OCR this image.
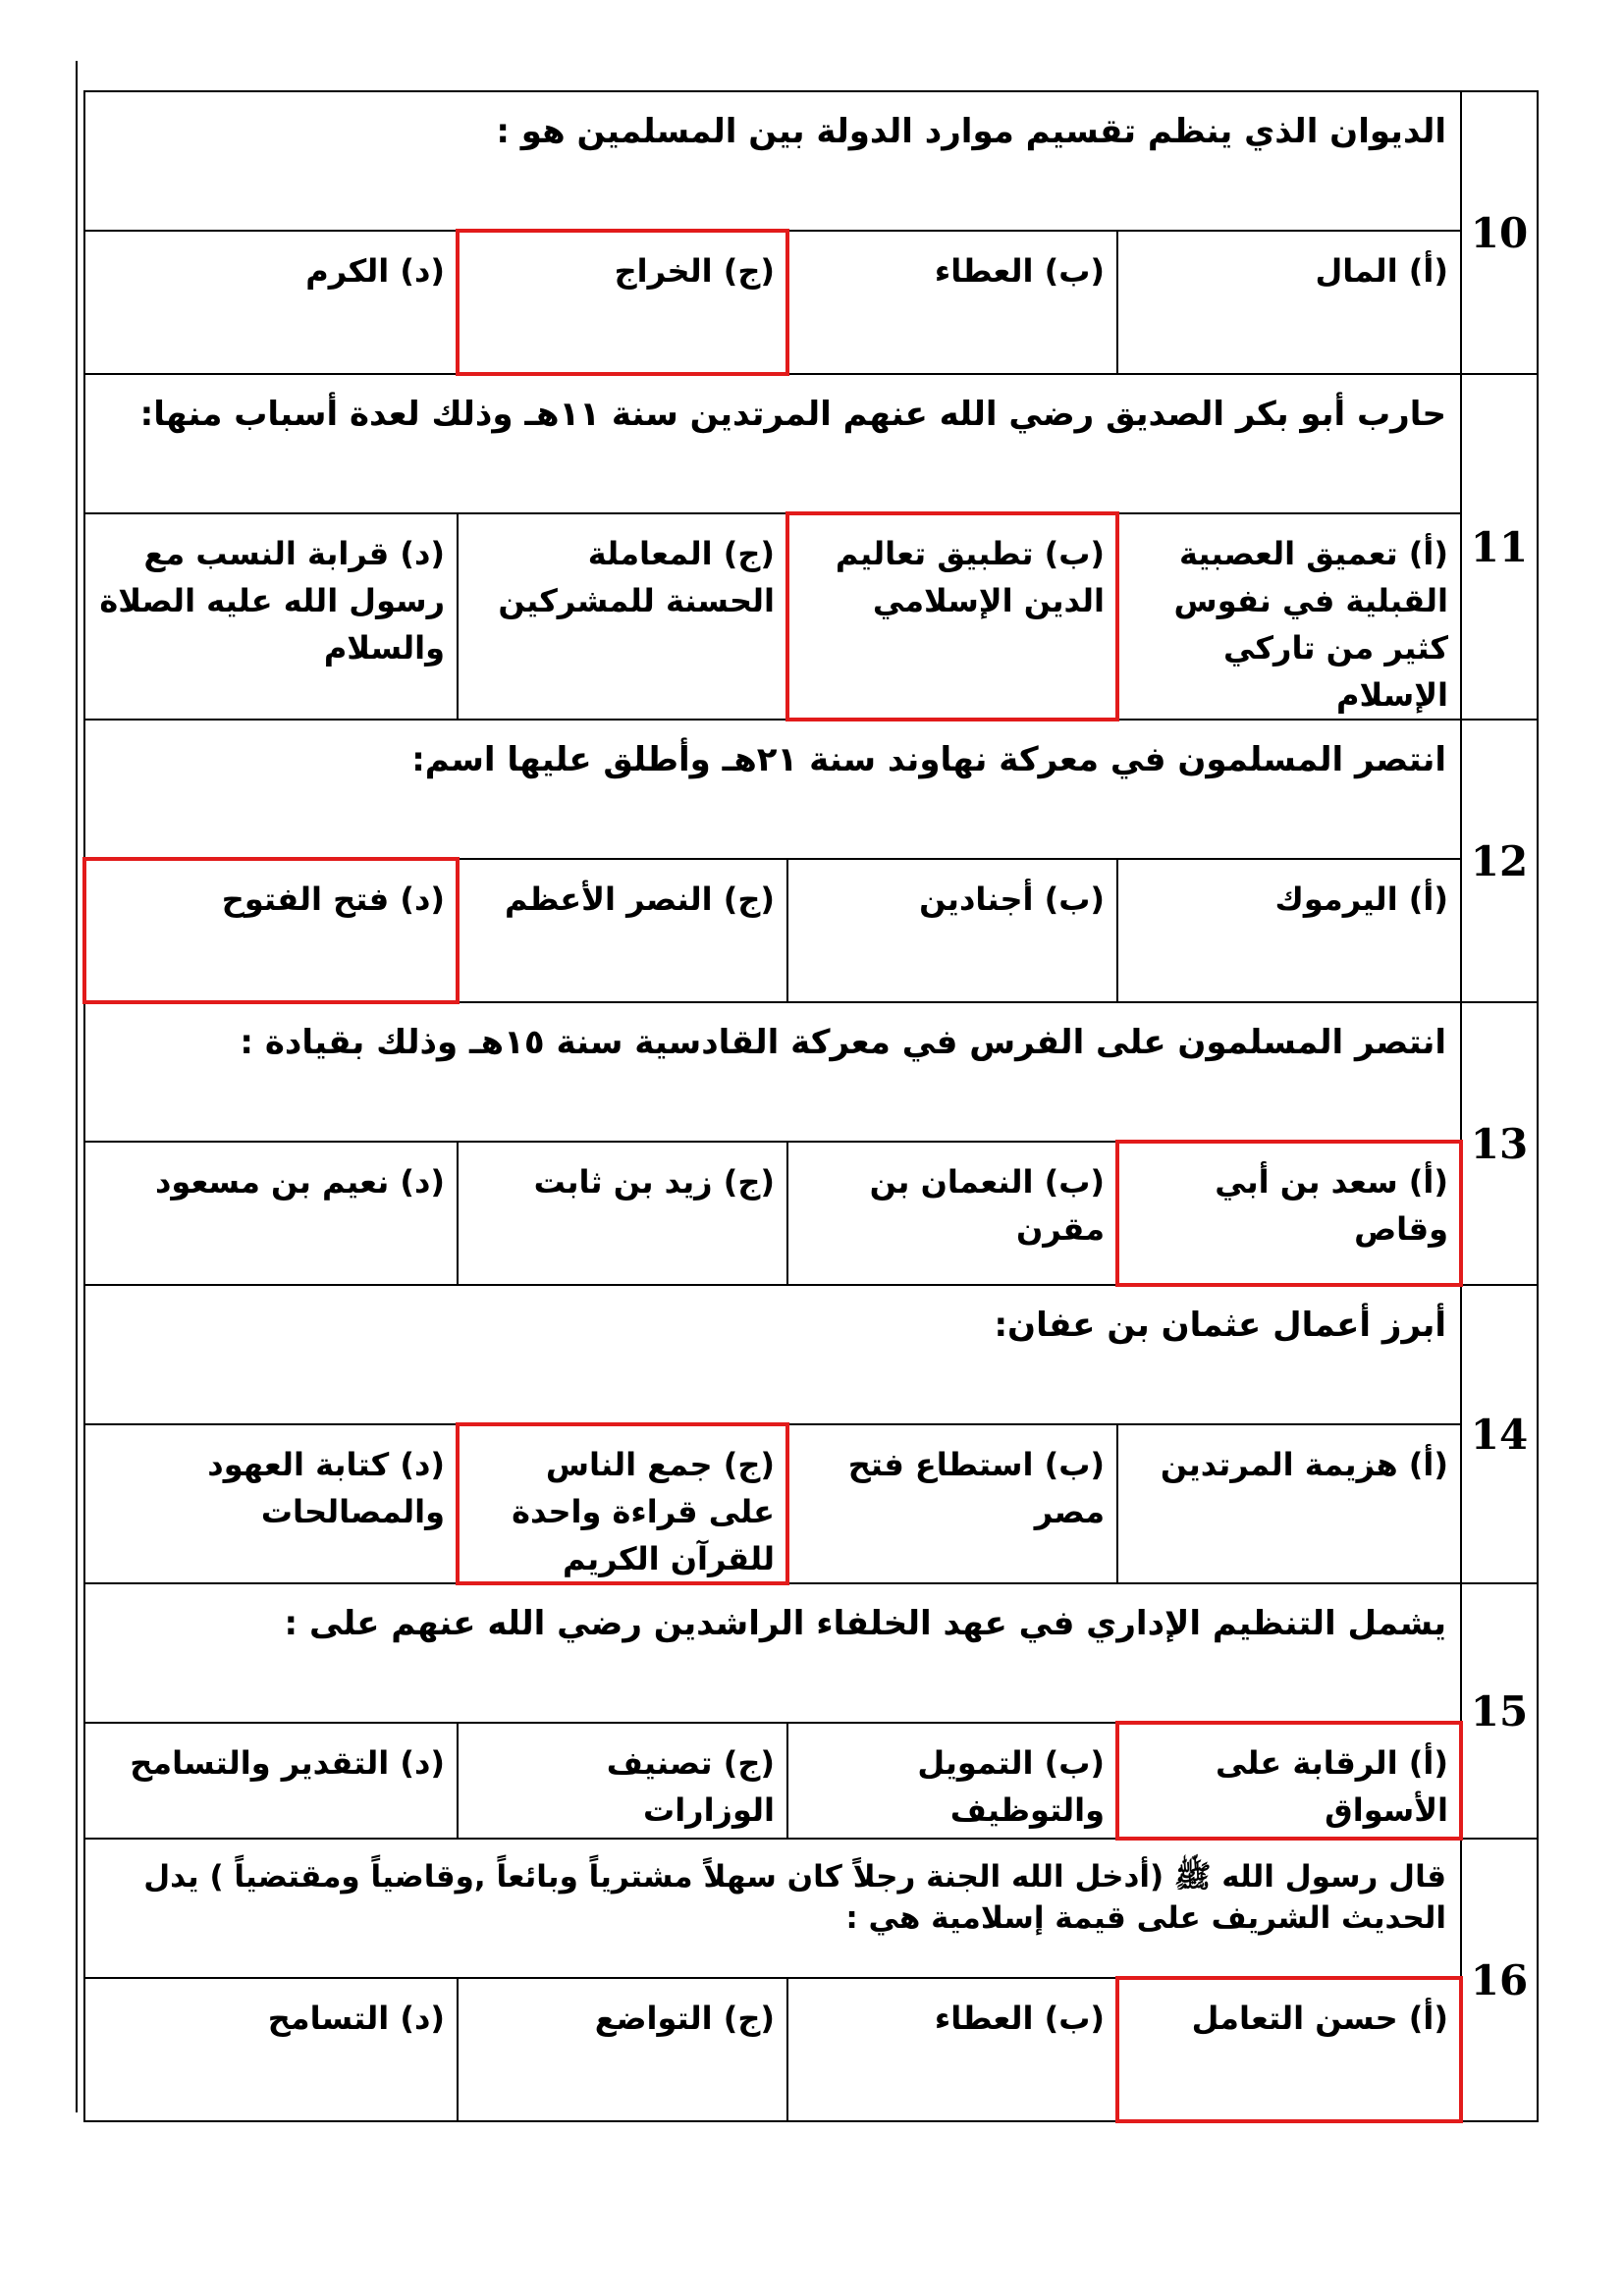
10	الديوان الذي ينظم تقسيم موارد الدولة بين المسلمين هو :			
	(أ) المال	(ب) العطاء	(ج) الخراج	(د) الكرم
11	حارب أبو بكر الصديق رضي الله عنهم المرتدين سنة ١١هـ وذلك لعدة أسباب منها:			
	(أ) تعميق العصبية القبلية في نفوس كثير من تاركي الإسلام	(ب) تطبيق تعاليم الدين الإسلامي	(ج) المعاملة الحسنة للمشركين	(د) قرابة النسب مع رسول الله عليه الصلاة والسلام
12	انتصر المسلمون في معركة نهاوند سنة ٢١هـ وأطلق عليها اسم:			
	(أ) اليرموك	(ب) أجنادين	(ج) النصر الأعظم	(د) فتح الفتوح
13	انتصر المسلمون على الفرس في معركة القادسية سنة ١٥هـ وذلك بقيادة :			
	(أ) سعد بن أبي وقاص	(ب) النعمان بن مقرن	(ج) زيد بن ثابت	(د) نعيم بن مسعود
14	أبرز أعمال عثمان بن عفان:			
	(أ) هزيمة المرتدين	(ب) استطاع فتح مصر	(ج) جمع الناس على قراءة واحدة للقرآن الكريم	(د) كتابة العهود والمصالحات
15	يشمل التنظيم الإداري في عهد الخلفاء الراشدين رضي الله عنهم على :			
	(أ) الرقابة على الأسواق	(ب) التمويل والتوظيف	(ج) تصنيف الوزارات	(د) التقدير والتسامح
16	قال رسول الله ﷺ (أدخل الله الجنة رجلاً كان سهلاً مشترياً وبائعاً ,وقاضياً ومقتضياً ) يدل الحديث الشريف على قيمة إسلامية هي :			
	(أ) حسن التعامل	(ب) العطاء	(ج) التواضع	(د) التسامح
